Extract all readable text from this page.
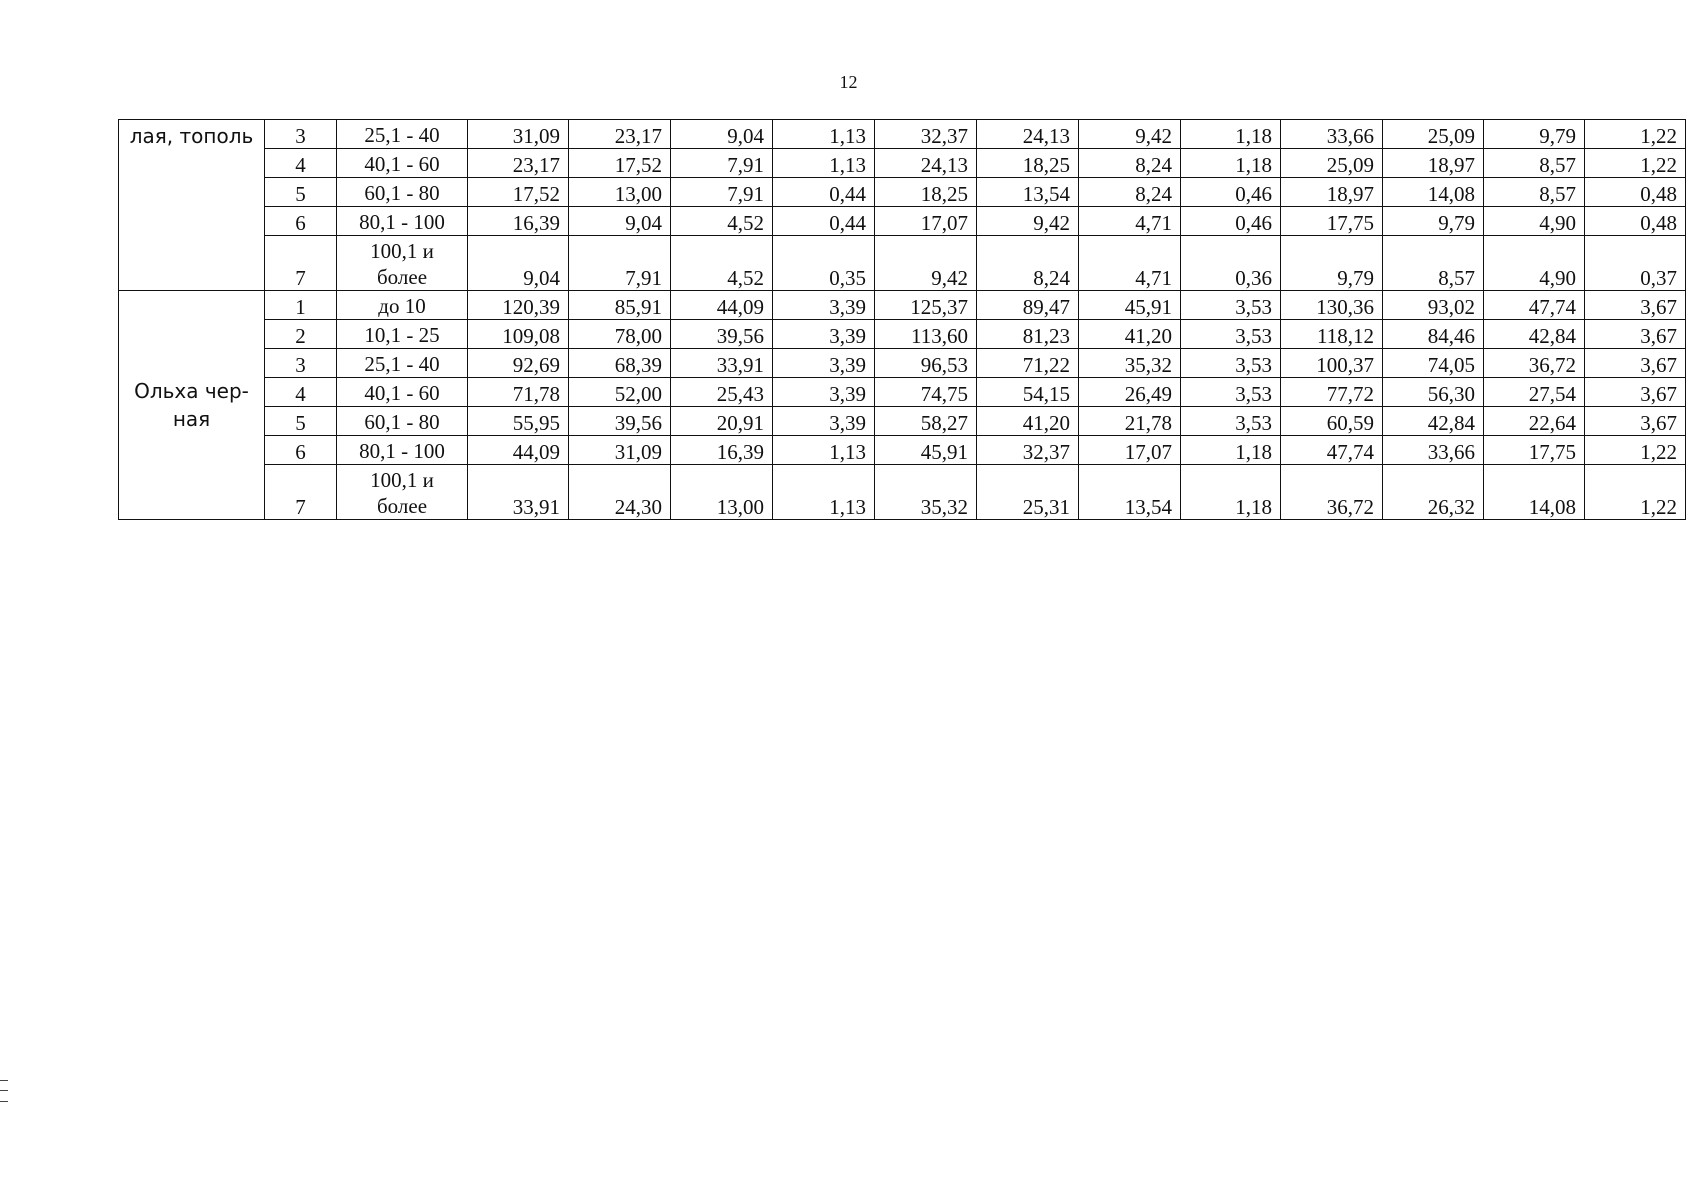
12
лая, тополь	3	25,1 - 40	31,09	23,17	9,04	1,13	32,37	24,13	9,42	1,18	33,66	25,09	9,79	1,22
	4	40,1 - 60	23,17	17,52	7,91	1,13	24,13	18,25	8,24	1,18	25,09	18,97	8,57	1,22
	5	60,1 - 80	17,52	13,00	7,91	0,44	18,25	13,54	8,24	0,46	18,97	14,08	8,57	0,48
	6	80,1 - 100	16,39	9,04	4,52	0,44	17,07	9,42	4,71	0,46	17,75	9,79	4,90	0,48
	7	100,1 и более	9,04	7,91	4,52	0,35	9,42	8,24	4,71	0,36	9,79	8,57	4,90	0,37
Ольха чер-ная	1	до 10	120,39	85,91	44,09	3,39	125,37	89,47	45,91	3,53	130,36	93,02	47,74	3,67
	2	10,1 - 25	109,08	78,00	39,56	3,39	113,60	81,23	41,20	3,53	118,12	84,46	42,84	3,67
	3	25,1 - 40	92,69	68,39	33,91	3,39	96,53	71,22	35,32	3,53	100,37	74,05	36,72	3,67
	4	40,1 - 60	71,78	52,00	25,43	3,39	74,75	54,15	26,49	3,53	77,72	56,30	27,54	3,67
	5	60,1 - 80	55,95	39,56	20,91	3,39	58,27	41,20	21,78	3,53	60,59	42,84	22,64	3,67
	6	80,1 - 100	44,09	31,09	16,39	1,13	45,91	32,37	17,07	1,18	47,74	33,66	17,75	1,22
	7	100,1 и более	33,91	24,30	13,00	1,13	35,32	25,31	13,54	1,18	36,72	26,32	14,08	1,22
